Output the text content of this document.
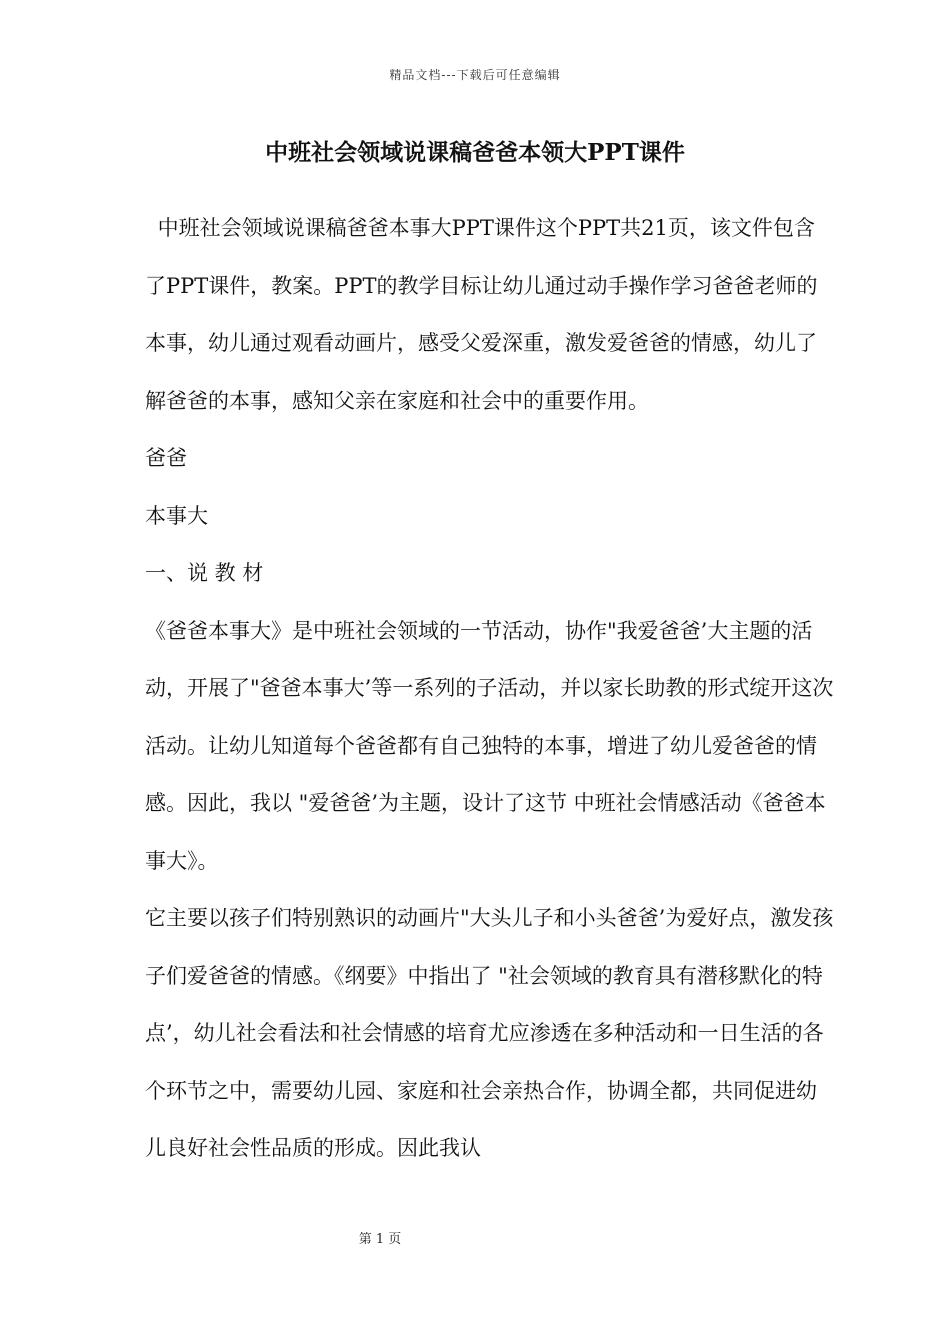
精品文档---下载后可任意编辑
中班社会领域说课稿爸爸本领大PPT课件

中班社会领域说课稿爸爸本事大PPT课件这个PPT共21页，该文件包含了PPT课件，教案。PPT的教学目标让幼儿通过动手操作学习爸爸老师的本事，幼儿通过观看动画片，感受父爱深重，激发爱爸爸的情感，幼儿了解爸爸的本事，感知父亲在家庭和社会中的重要作用。

爸爸

本事大

一、说 教 材

《爸爸本事大》是中班社会领域的一节活动，协作"我爱爸爸’大主题的活动，开展了"爸爸本事大’等一系列的子活动，并以家长助教的形式绽开这次活动。让幼儿知道每个爸爸都有自己独特的本事，增进了幼儿爱爸爸的情感。因此，我以 "爱爸爸’为主题，设计了这节 中班社会情感活动《爸爸本事大》。

它主要以孩子们特别熟识的动画片"大头儿子和小头爸爸’为爱好点，激发孩子们爱爸爸的情感。《纲要》中指出了 "社会领域的教育具有潜移默化的特点’，幼儿社会看法和社会情感的培育尤应渗透在多种活动和一日生活的各个环节之中，需要幼儿园、家庭和社会亲热合作，协调全都，共同促进幼儿良好社会性品质的形成。因此我认

第 1 页
